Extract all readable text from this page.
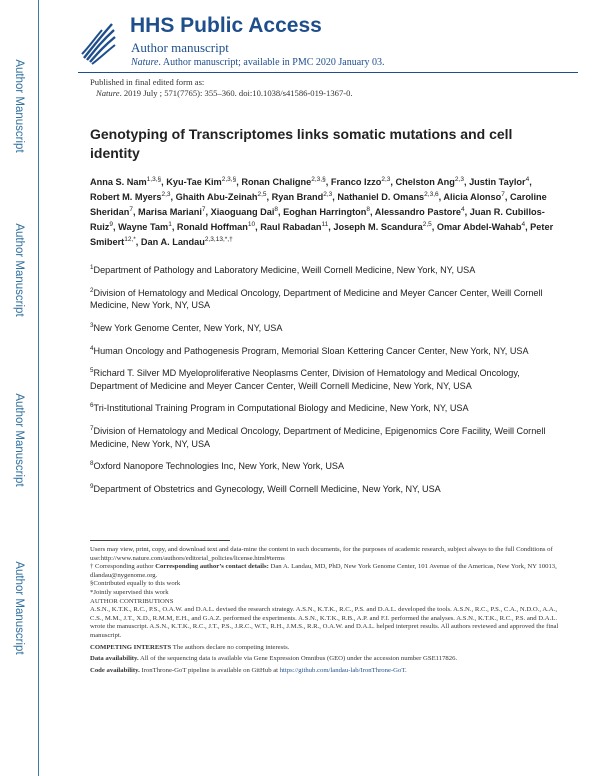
Author Manuscript
Author Manuscript
Author Manuscript
Author Manuscript
HHS Public Access
Author manuscript
Nature. Author manuscript; available in PMC 2020 January 03.
Published in final edited form as:
Nature. 2019 July ; 571(7765): 355–360. doi:10.1038/s41586-019-1367-0.
Genotyping of Transcriptomes links somatic mutations and cell identity
Anna S. Nam$^{1,3,\S}$, Kyu-Tae Kim$^{2,3,\S}$, Ronan Chaligne$^{2,3,\S}$, Franco Izzo$^{2,3}$, Chelston Ang$^{2,3}$, Justin Taylor$^4$, Robert M. Myers$^{2,3}$, Ghaith Abu-Zeinah$^{2,5}$, Ryan Brand$^{2,3}$, Nathaniel D. Omans$^{2,3,6}$, Alicia Alonso$^7$, Caroline Sheridan$^7$, Marisa Mariani$^7$, Xiaoguang Dai$^8$, Eoghan Harrington$^8$, Alessandro Pastore$^4$, Juan R. Cubillos-Ruiz$^9$, Wayne Tam$^1$, Ronald Hoffman$^{10}$, Raul Rabadan$^{11}$, Joseph M. Scandura$^{2,5}$, Omar Abdel-Wahab$^4$, Peter Smibert$^{12,*}$, Dan A. Landau$^{2,3,13,*,\dagger}$
$^1$Department of Pathology and Laboratory Medicine, Weill Cornell Medicine, New York, NY, USA
$^2$Division of Hematology and Medical Oncology, Department of Medicine and Meyer Cancer Center, Weill Cornell Medicine, New York, NY, USA
$^3$New York Genome Center, New York, NY, USA
$^4$Human Oncology and Pathogenesis Program, Memorial Sloan Kettering Cancer Center, New York, NY, USA
$^5$Richard T. Silver MD Myeloproliferative Neoplasms Center, Division of Hematology and Medical Oncology, Department of Medicine and Meyer Cancer Center, Weill Cornell Medicine, New York, NY, USA
$^6$Tri-Institutional Training Program in Computational Biology and Medicine, New York, NY, USA
$^7$Division of Hematology and Medical Oncology, Department of Medicine, Epigenomics Core Facility, Weill Cornell Medicine, New York, NY, USA
$^8$Oxford Nanopore Technologies Inc, New York, New York, USA
$^9$Department of Obstetrics and Gynecology, Weill Cornell Medicine, New York, NY, USA

Users may view, print, copy, and download text and data-mine the content in such documents, for the purposes of academic research, subject always to the full Conditions of use:http://www.nature.com/authors/editorial_policies/license.html#terms

† Corresponding author Corresponding author’s contact details: Dan A. Landau, MD, PhD, New York Genome Center, 101 Avenue of the Americas, New York, NY 10013, dlandau@nygenome.org.

§Contributed equally to this work

*Jointly supervised this work

AUTHOR CONTRIBUTIONS

A.S.N., K.T.K., R.C., P.S., O.A.W. and D.A.L. devised the research strategy. A.S.N., K.T.K., R.C., P.S. and D.A.L. developed the tools. A.S.N., R.C., P.S., C.A., N.D.O., A.A., C.S., M.M., J.T., X.D., R.M.M, E.H., and G.A.Z. performed the experiments. A.S.N., K.T.K., R.B., A.P. and F.I. performed the analyses. A.S.N., K.T.K., R.C., P.S. and D.A.L. wrote the manuscript. A.S.N., K.T.K., R.C., J.T., P.S., J.R.C., W.T., R.H., J.M.S., R.R., O.A.W. and D.A.L. helped interpret results. All authors reviewed and approved the final manuscript.

COMPETING INTERESTS The authors declare no competing interests.

Data availability. All of the sequencing data is available via Gene Expression Omnibus (GEO) under the accession number GSE117826.

Code availability. IronThrone-GoT pipeline is available on GitHub at https://github.com/landau-lab/IronThrone-GoT.
